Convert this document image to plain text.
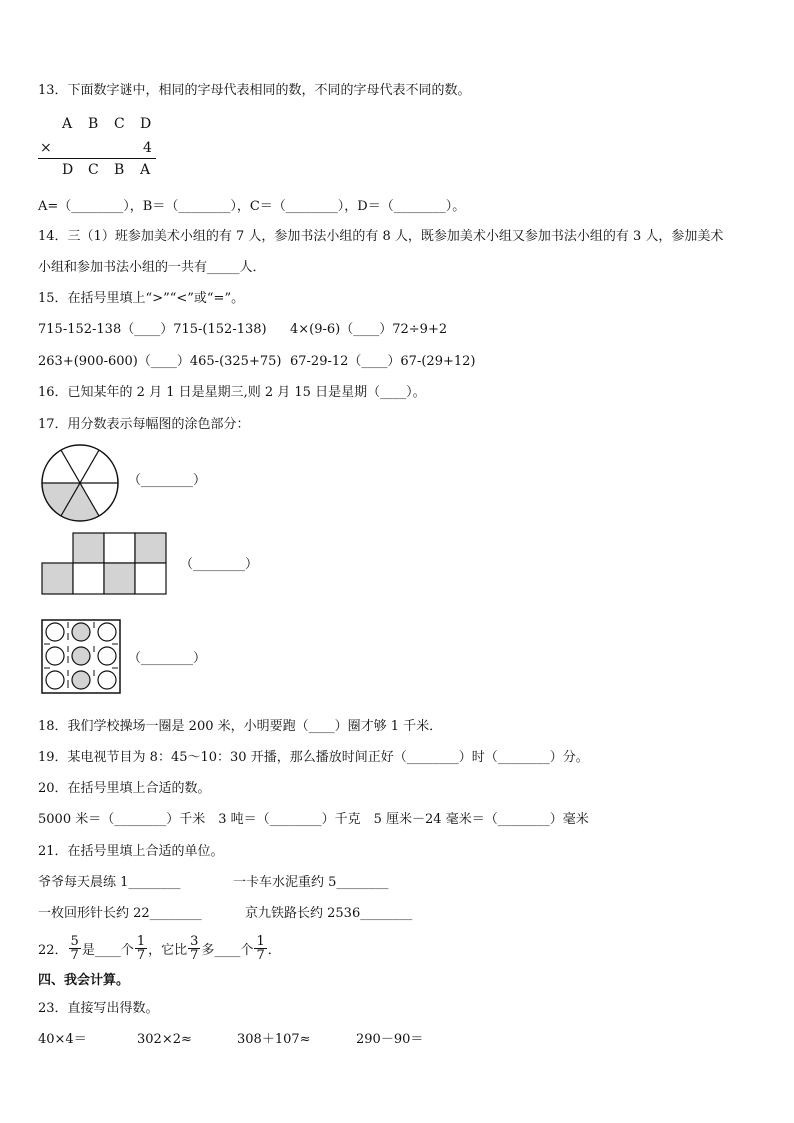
13．下面数字谜中，相同的字母代表相同的数，不同的字母代表不同的数。
A B C D
×	4
D C B A
A=（________），B＝（________），C＝（________），D＝（________）。
14．三（1）班参加美术小组的有 7 人，参加书法小组的有 8 人，既参加美术小组又参加书法小组的有 3 人，参加美术
小组和参加书法小组的一共有_____人．
15．在括号里填上“>”“<”或“=”。
715-152-138（____）715-(152-138) 4×(9-6)（____）72÷9+2
263+(900-600)（____）465-(325+75) 67-29-12（____）67-(29+12)
16．已知某年的 2 月 1 日是星期三,则 2 月 15 日是星期（____）。
17．用分数表示每幅图的涂色部分：
（________）
（________）
（________）
18．我们学校操场一圈是 200 米，小明要跑（____）圈才够 1 千米．
19．某电视节目为 8：45～10：30 开播，那么播放时间正好（________）时（________）分。
20．在括号里填上合适的数。
5000 米＝（________）千米　3 吨＝（________）千克　5 厘米－24 毫米＝（________）毫米
21．在括号里填上合适的单位。
爷爷每天晨练 1________	一卡车水泥重约 5________
一枚回形针长约 22________	京九铁路长约 2536________
22． $\frac{5}{7}$ 是____个 $\frac{1}{7}$ ，它比 $\frac{3}{7}$ 多____个 $\frac{1}{7}$ ．
四、我会计算。
23．直接写出得数。
40×4＝	302×2≈	308＋107≈	290－90＝
